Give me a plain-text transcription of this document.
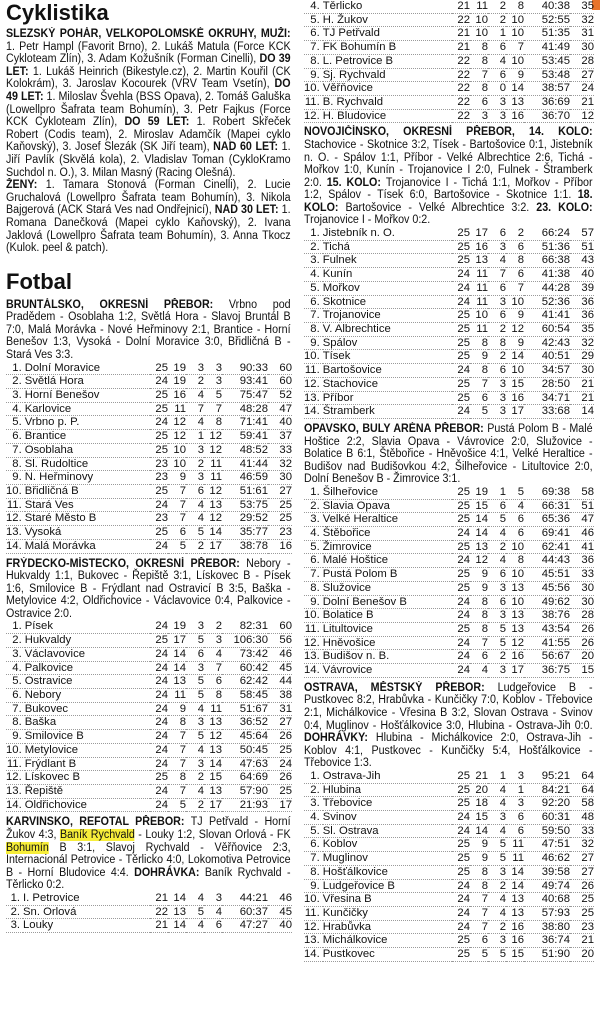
Cyklistika

SLEZSKÝ POHÁR, VELKOPOLOMSKÉ OKRUHY, MUŽI: 1. Petr Hampl (Favorit Brno), 2. Lukáš Matula (Force KCK Cykloteam Zlín), 3. Adam Kožušník (Forman Cinelli), DO 39 LET: 1. Lukáš Heinrich (Bikestyle.cz), 2. Martin Kouřil (CK Kolokrám), 3. Jaroslav Kocourek (VRV Team Vsetín), DO 49 LET: 1. Miloslav Švehla (BSS Opava), 2. Tomáš Galuška (Lowellpro Šafrata team Bohumín), 3. Petr Fajkus (Force KCK Cykloteam Zlín), DO 59 LET: 1. Robert Skřeček Robert (Codis team), 2. Miroslav Adamčík (Mapei cyklo Kaňovský), 3. Josef Slezák (SK Jiří team), NAD 60 LET: 1. Jiří Pavlík (Skvělá kola), 2. Vladislav Toman (CykloKramo Suchdol n. O.), 3. Milan Masný (Racing Olešná).

ŽENY: 1. Tamara Stonová (Forman Cinelli), 2. Lucie Gruchalová (Lowellpro Šafrata team Bohumín), 3. Nikola Bajgerová (ACK Stará Ves nad Ondřejnicí), NAD 30 LET: 1. Romana Danečková (Mapei cyklo Kaňovský), 2. Ivana Jaklová (Lowellpro Šafrata team Bohumín), 3. Anna Tkocz (Kulok. peel & patch).

Fotbal

BRUNTÁLSKO, OKRESNÍ PŘEBOR: Vrbno pod Pradědem - Osoblaha 1:2, Světlá Hora - Slavoj Bruntál B 7:0, Malá Morávka - Nové Heřminovy 2:1, Brantice - Horní Benešov 1:3, Vysoká - Dolní Moravice 3:0, Břidličná B - Stará Ves 3:3.

1.	Dolní Moravice	25	19	3	3	90:33	60
2.	Světlá Hora	24	19	2	3	93:41	60
3.	Horní Benešov	25	16	4	5	75:47	52
4.	Karlovice	25	11	7	7	48:28	47
5.	Vrbno p. P.	24	12	4	8	71:41	40
6.	Brantice	25	12	1	12	59:41	37
7.	Osoblaha	25	10	3	12	48:52	33
8.	Sl. Rudoltice	23	10	2	11	41:44	32
9.	N. Heřminovy	23	9	3	11	46:59	30
10.	Břidličná B	25	7	6	12	51:61	27
11.	Stará Ves	24	7	4	13	53:75	25
12.	Staré Město B	23	7	4	12	29:52	25
13.	Vysoká	25	6	5	14	35:77	23
14.	Malá Morávka	24	5	2	17	38:78	16

FRÝDECKO-MÍSTECKO, OKRESNÍ PŘEBOR: Nebory - Hukvaldy 1:1, Bukovec - Řepiště 3:1, Lískovec B - Písek 1:6, Smilovice B - Frýdlant nad Ostravicí B 3:5, Baška - Metylovice 4:2, Oldřichovice - Václavovice 0:4, Palkovice - Ostravice 2:0.

1.	Písek	24	19	3	2	82:31	60
2.	Hukvaldy	25	17	5	3	106:30	56
3.	Václavovice	24	14	6	4	73:42	46
4.	Palkovice	24	14	3	7	60:42	45
5.	Ostravice	24	13	5	6	62:42	44
6.	Nebory	24	11	5	8	58:45	38
7.	Bukovec	24	9	4	11	51:67	31
8.	Baška	24	8	3	13	36:52	27
9.	Smilovice B	24	7	5	12	45:64	26
10.	Metylovice	24	7	4	13	50:45	25
11.	Frýdlant B	24	7	3	14	47:63	24
12.	Lískovec B	25	8	2	15	64:69	26
13.	Řepiště	24	7	4	13	57:90	25
14.	Oldřichovice	24	5	2	17	21:93	17

KARVINSKO, REFOTAL PŘEBOR: TJ Petřvald - Horní Žukov 4:3, Baník Rychvald - Louky 1:2, Slovan Orlová - FK Bohumín B 3:1, Slavoj Rychvald - Věřňovice 2:3, Internacionál Petrovice - Těrlicko 4:0, Lokomotiva Petrovice B - Horní Bludovice 4:4. DOHRÁVKA: Baník Rychvald - Těrlicko 0:2.

1.	I. Petrovice	21	14	4	3	44:21	46
2.	Sn. Orlová	22	13	5	4	60:37	45
3.	Louky	21	14	4	6	47:27	40
4.	Těrlicko	21	11	2	8	40:38	35
5.	H. Žukov	22	10	2	10	52:55	32
6.	TJ Petřvald	21	10	1	10	51:35	31
7.	FK Bohumín B	21	8	6	7	41:49	30
8.	L. Petrovice B	22	8	4	10	53:45	28
9.	Sj. Rychvald	22	7	6	9	53:48	27
10.	Věřňovice	22	8	0	14	38:57	24
11.	B. Rychvald	22	6	3	13	36:69	21
12.	H. Bludovice	22	3	3	16	36:70	12

NOVOJIČÍNSKO, OKRESNÍ PŘEBOR, 14. KOLO: Stachovice - Skotnice 3:2, Tísek - Bartošovice 0:1, Jistebník n. O. - Spálov 1:1, Příbor - Velké Albrechtice 2:6, Tichá - Mořkov 1:0, Kunín - Trojanovice I 2:0, Fulnek - Štramberk 2:0. 15. KOLO: Trojanovice I - Tichá 1:1, Mořkov - Příbor 1:2, Spálov - Tísek 6:0, Bartošovice - Skotnice 1:1. 18. KOLO: Bartošovice - Velké Albrechtice 3:2. 23. KOLO: Trojanovice I - Mořkov 0:2.

1.	Jistebník n. O.	25	17	6	2	66:24	57
2.	Tichá	25	16	3	6	51:36	51
3.	Fulnek	25	13	4	8	66:38	43
4.	Kunín	24	11	7	6	41:38	40
5.	Mořkov	24	11	6	7	44:28	39
6.	Skotnice	24	11	3	10	52:36	36
7.	Trojanovice	25	10	6	9	41:41	36
8.	V. Albrechtice	25	11	2	12	60:54	35
9.	Spálov	25	8	8	9	42:43	32
10.	Tísek	25	9	2	14	40:51	29
11.	Bartošovice	24	8	6	10	34:57	30
12.	Stachovice	25	7	3	15	28:50	21
13.	Příbor	25	6	3	16	34:71	21
14.	Štramberk	24	5	3	17	33:68	14

OPAVSKO, BULY ARÉNA PŘEBOR: Pustá Polom B - Malé Hoštice 2:2, Slavia Opava - Vávrovice 2:0, Služovice - Bolatice B 6:1, Štěbořice - Hněvošice 4:1, Velké Heraltice - Budišov nad Budišovkou 4:2, Šilheřovice - Litultovice 2:0, Dolní Benešov B - Žimrovice 3:1.

1.	Šilheřovice	25	19	1	5	69:38	58
2.	Slavia Opava	25	15	6	4	66:31	51
3.	Velké Heraltice	25	14	5	6	65:36	47
4.	Štěbořice	24	14	4	6	69:41	46
5.	Žimrovice	25	13	2	10	62:41	41
6.	Malé Hoštice	24	12	4	8	44:43	36
7.	Pustá Polom B	25	9	6	10	45:51	33
8.	Služovice	25	9	3	13	45:56	30
9.	Dolní Benešov B	24	8	6	10	49:62	30
10.	Bolatice B	24	8	3	13	38:76	28
11.	Litultovice	25	8	5	13	43:54	26
12.	Hněvošice	24	7	5	12	41:55	26
13.	Budišov n. B.	24	6	2	16	56:67	20
14.	Vávrovice	24	4	3	17	36:75	15

OSTRAVA, MĚSTSKÝ PŘEBOR: Ludgeřovice B - Pustkovec 8:2, Hrabůvka - Kunčičky 7:0, Koblov - Třebovice 2:1, Michálkovice - Vřesina B 3:2, Slovan Ostrava - Svinov 0:4, Muglinov - Hošťálkovice 3:0, Hlubina - Ostrava-Jih 0:0. DOHRÁVKY: Hlubina - Michálkovice 2:0, Ostrava-Jih - Koblov 4:1, Pustkovec - Kunčičky 5:4, Hošťálkovice - Třebovice 1:3.

1.	Ostrava-Jih	25	21	1	3	95:21	64
2.	Hlubina	25	20	4	1	84:21	64
3.	Třebovice	25	18	4	3	92:20	58
4.	Svinov	24	15	3	6	60:31	48
5.	Sl. Ostrava	24	14	4	6	59:50	33
6.	Koblov	25	9	5	11	47:51	32
7.	Muglinov	25	9	5	11	46:62	27
8.	Hošťálkovice	25	8	3	14	39:58	27
9.	Ludgeřovice B	24	8	2	14	49:74	26
10.	Vřesina B	24	7	4	13	40:68	25
11.	Kunčičky	24	7	4	13	57:93	25
12.	Hrabůvka	24	7	2	16	38:80	23
13.	Michálkovice	25	6	3	16	36:74	21
14.	Pustkovec	25	5	5	15	51:90	20
